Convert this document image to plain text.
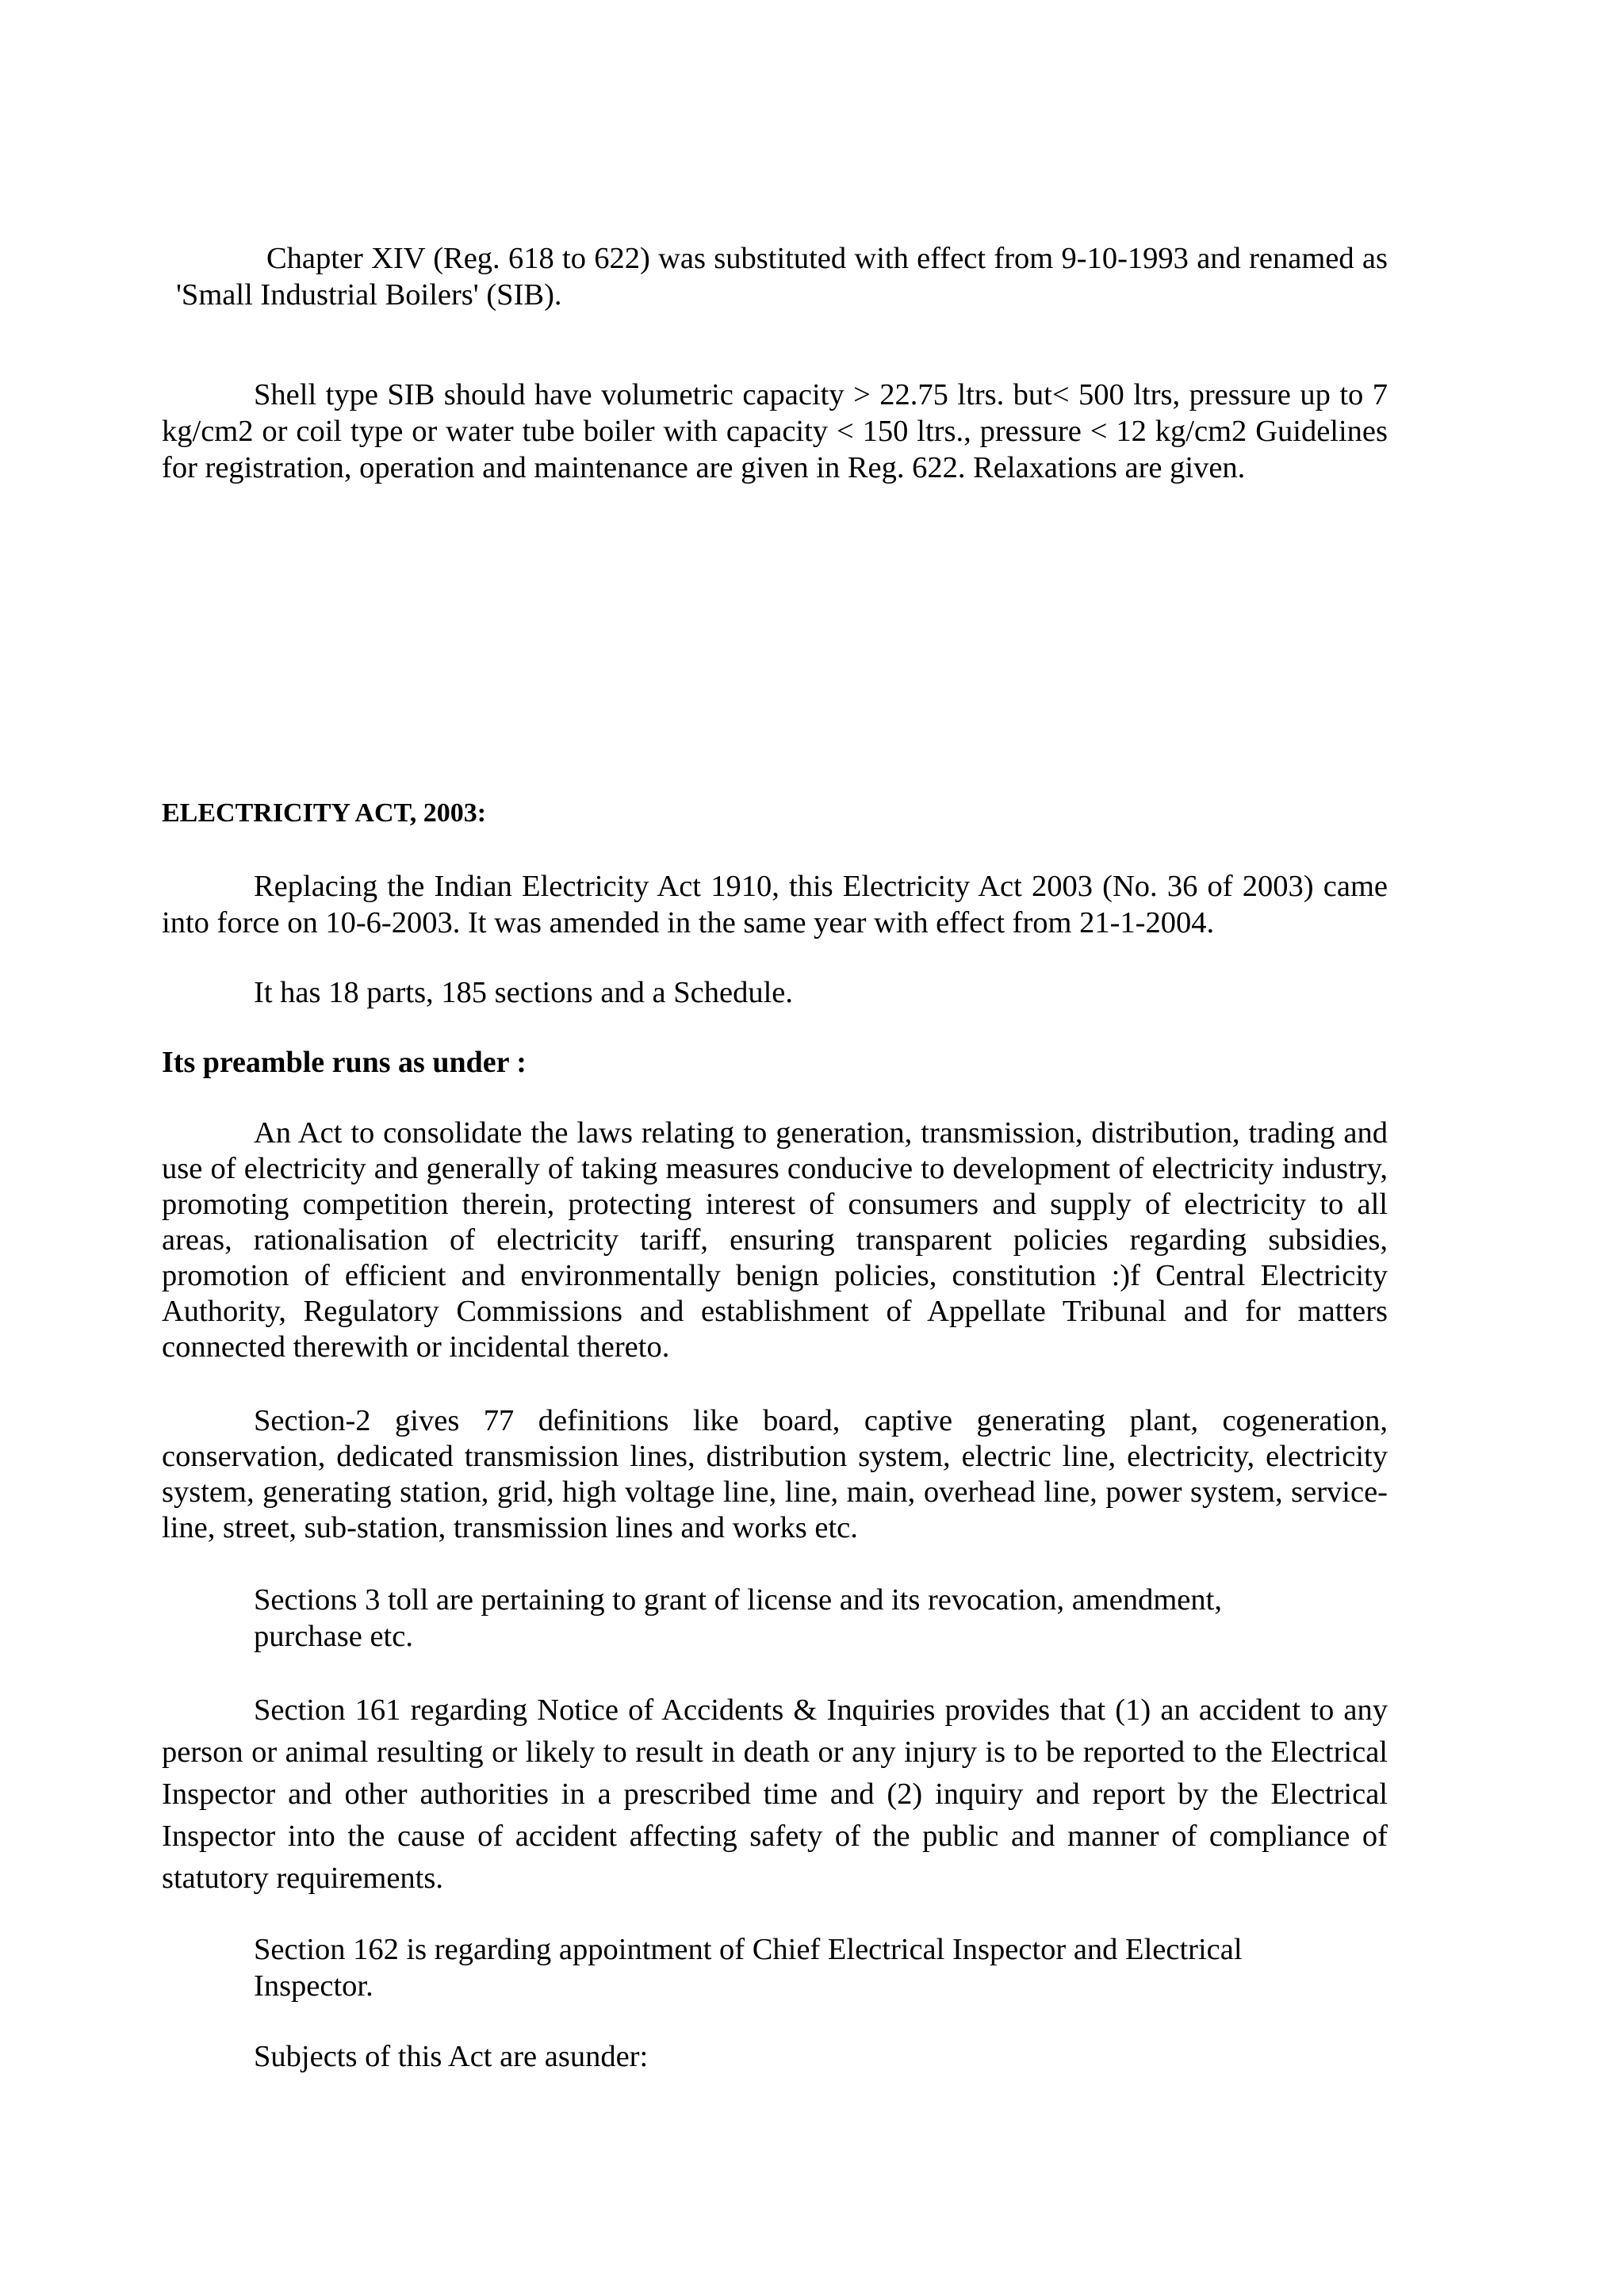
Chapter XIV (Reg. 618 to 622) was substituted with effect from 9-10-1993 and renamed as 'Small Industrial Boilers' (SIB).

Shell type SIB should have volumetric capacity > 22.75 ltrs. but< 500 ltrs, pressure up to 7 kg/cm2 or coil type or water tube boiler with capacity < 150 ltrs., pressure < 12 kg/cm2 Guidelines for registration, operation and maintenance are given in Reg. 622. Relaxations are given.

ELECTRICITY ACT, 2003:

Replacing the Indian Electricity Act 1910, this Electricity Act 2003 (No. 36 of 2003) came into force on 10-6-2003. It was amended in the same year with effect from 21-1-2004.

It has 18 parts, 185 sections and a Schedule.

Its preamble runs as under :

An Act to consolidate the laws relating to generation, transmission, distribution, trading and use of electricity and generally of taking measures conducive to development of electricity industry, promoting competition therein, protecting interest of consumers and supply of electricity to all areas, rationalisation of electricity tariff, ensuring transparent policies regarding subsidies, promotion of efficient and environmentally benign policies, constitution :)f Central Electricity Authority, Regulatory Commissions and establishment of Appellate Tribunal and for matters connected therewith or incidental thereto.

Section-2 gives 77 definitions like board, captive generating plant, cogeneration, conservation, dedicated transmission lines, distribution system, electric line, electricity, electricity system, generating station, grid, high voltage line, line, main, overhead line, power system, service-line, street, sub-station, transmission lines and works etc.

Sections 3 toll are pertaining to grant of license and its revocation, amendment, purchase etc.

Section 161 regarding Notice of Accidents & Inquiries provides that (1) an accident to any person or animal resulting or likely to result in death or any injury is to be reported to the Electrical Inspector and other authorities in a prescribed time and (2) inquiry and report by the Electrical Inspector into the cause of accident affecting safety of the public and manner of compliance of statutory requirements.

Section 162 is regarding appointment of Chief Electrical Inspector and Electrical Inspector.

Subjects of this Act are asunder:
